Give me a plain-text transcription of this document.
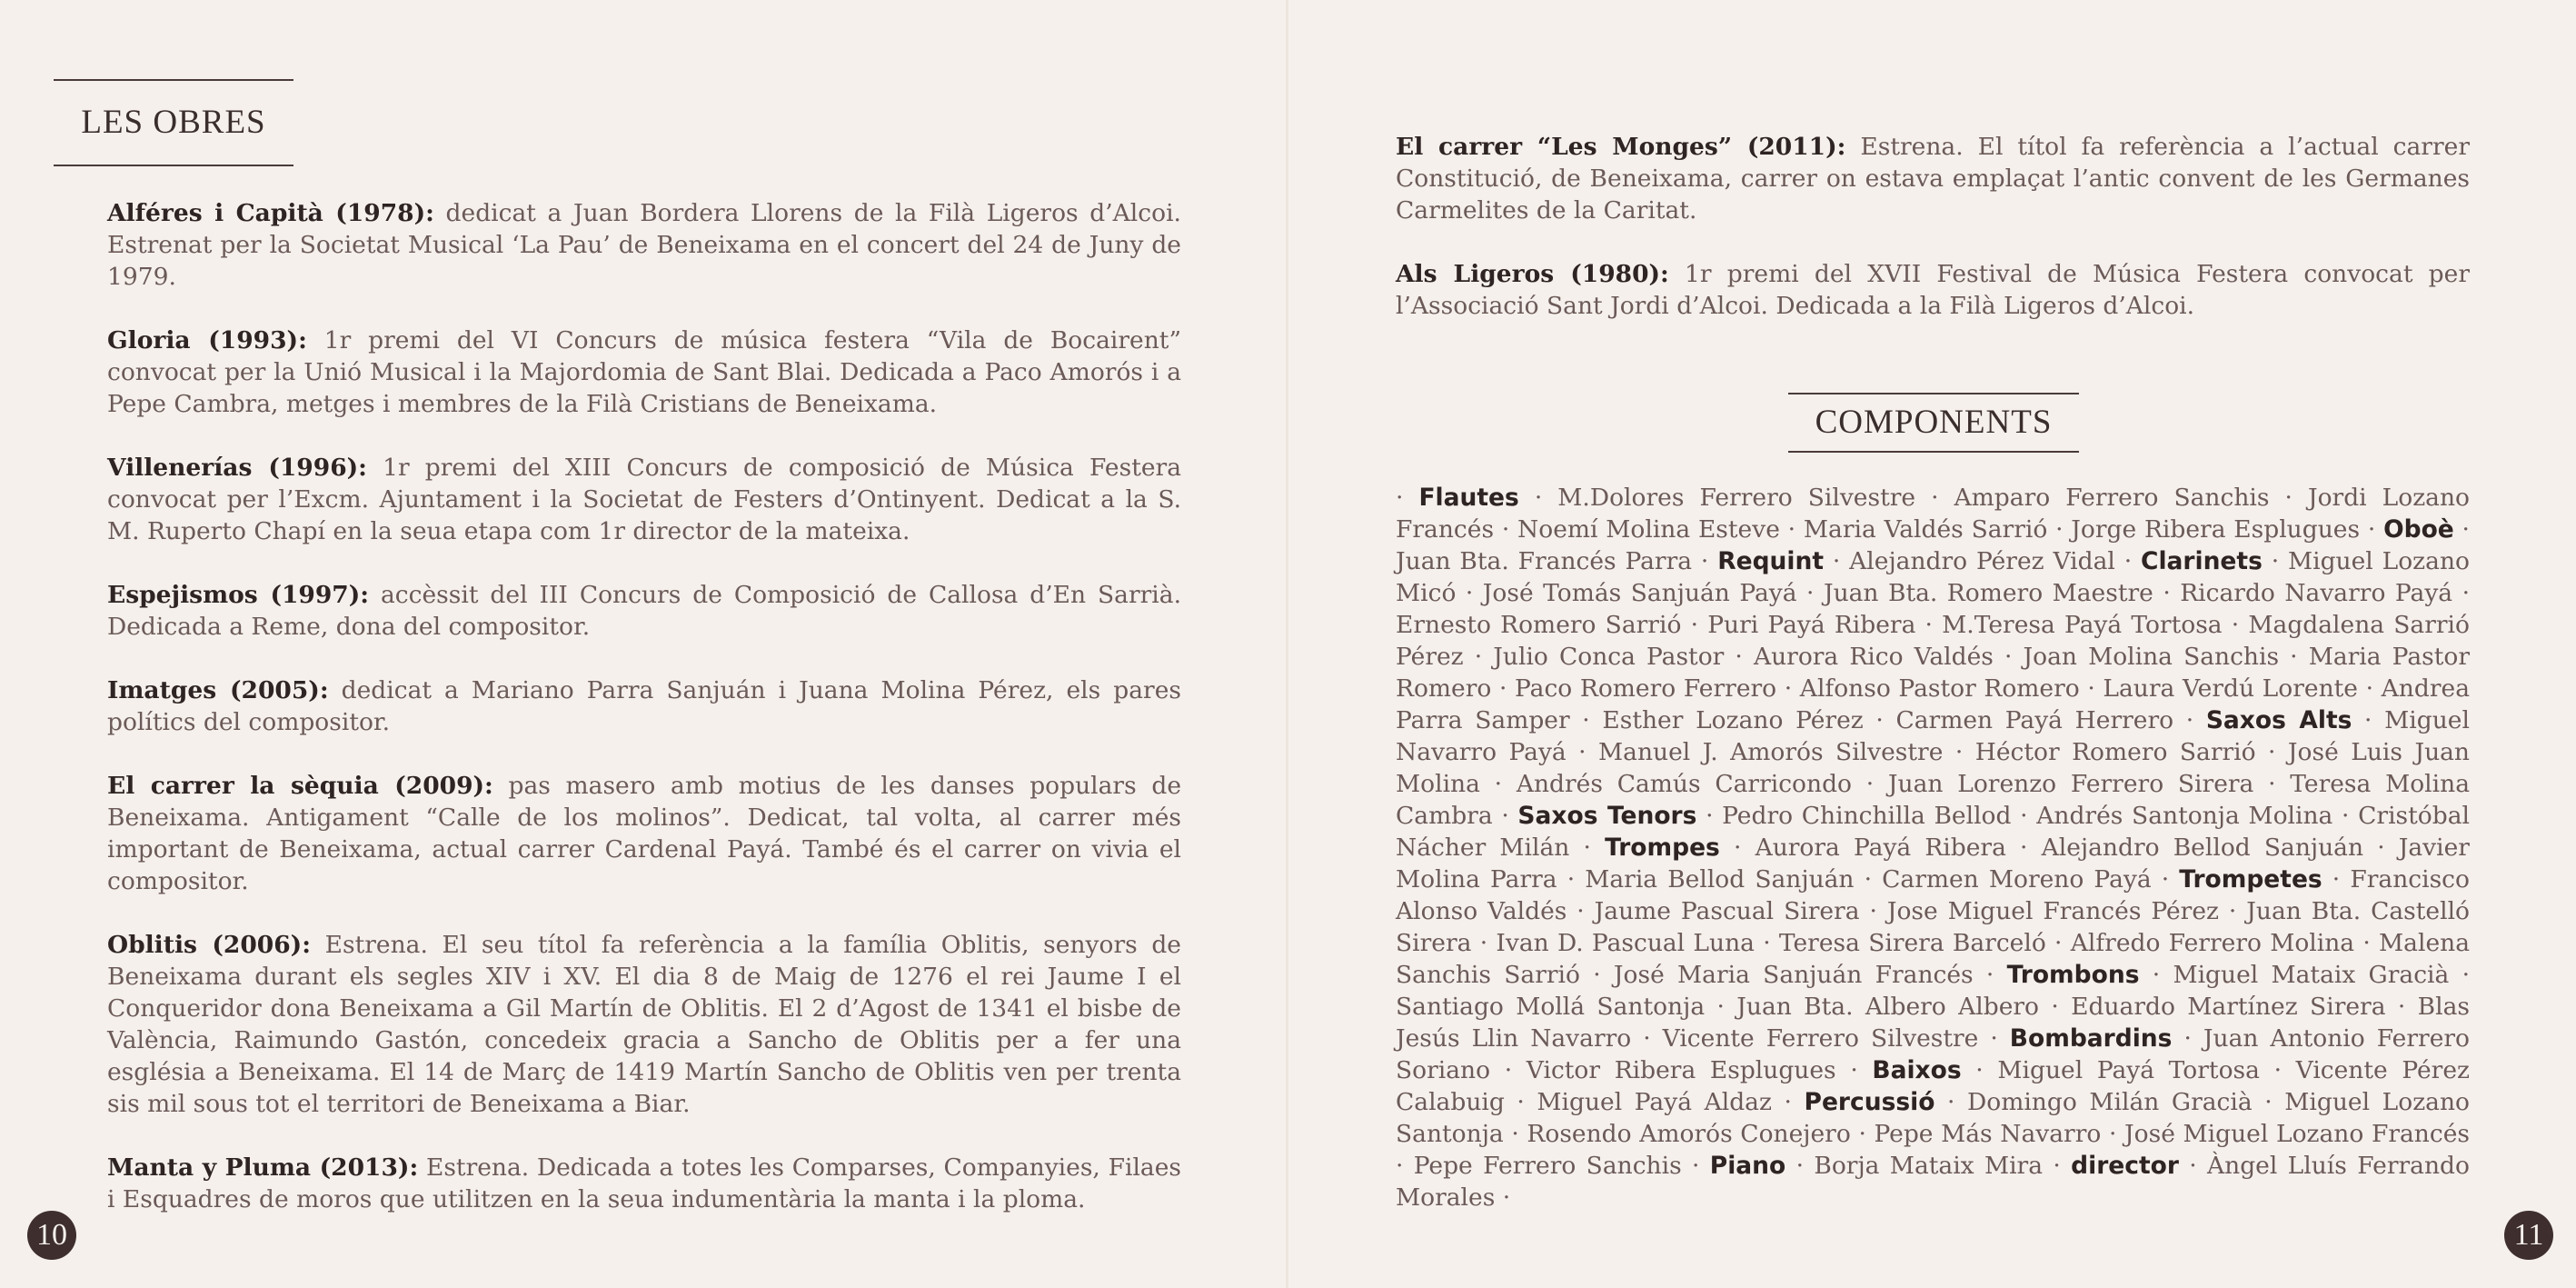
LES OBRES

Alféres i Capità (1978): dedicat a Juan Bordera Llorens de la Filà Ligeros d’Alcoi. Estrenat per la Societat Musical ‘La Pau’ de Beneixama en el concert del 24 de Juny de 1979.

Gloria (1993): 1r premi del VI Concurs de música festera “Vila de Bocairent” convocat per la Unió Musical i la Majordomia de Sant Blai. Dedicada a Paco Amorós i a Pepe Cambra, metges i membres de la Filà Cristians de Beneixama.

Villenerías (1996): 1r premi del XIII Concurs de composició de Música Festera convocat per l’Excm. Ajuntament i la Societat de Festers d’Ontinyent. Dedicat a la S. M. Ruperto Chapí en la seua etapa com 1r director de la mateixa.

Espejismos (1997): accèssit del III Concurs de Composició de Callosa d’En Sarrià. Dedicada a Reme, dona del compositor.

Imatges (2005): dedicat a Mariano Parra Sanjuán i Juana Molina Pérez, els pares polítics del compositor.

El carrer la sèquia (2009): pas masero amb motius de les danses populars de Beneixama. Antigament “Calle de los molinos”. Dedicat, tal volta, al carrer més important de Beneixama, actual carrer Cardenal Payá. També és el carrer on vivia el compositor.

Oblitis (2006): Estrena. El seu títol fa referència a la família Oblitis, senyors de Beneixama durant els segles XIV i XV. El dia 8 de Maig de 1276 el rei Jaume I el Conqueridor dona Beneixama a Gil Martín de Oblitis. El 2 d’Agost de 1341 el bisbe de València, Raimundo Gastón, concedeix gracia a Sancho de Oblitis per a fer una església a Beneixama. El 14 de Març de 1419 Martín Sancho de Oblitis ven per trenta sis mil sous tot el territori de Beneixama a Biar.

Manta y Pluma (2013): Estrena. Dedicada a totes les Comparses, Companyies, Filaes i Esquadres de moros que utilitzen en la seua indumentària la manta i la ploma.

10

El carrer “Les Monges” (2011): Estrena. El títol fa referència a l’actual carrer Constitució, de Beneixama, carrer on estava emplaçat l’antic convent de les Germanes Carmelites de la Caritat.

Als Ligeros (1980): 1r premi del XVII Festival de Música Festera convocat per l’Associació Sant Jordi d’Alcoi. Dedicada a la Filà Ligeros d’Alcoi.

COMPONENTS
· Flautes · M.Dolores Ferrero Silvestre · Amparo Ferrero Sanchis · Jordi Lozano Francés · Noemí Molina Esteve · Maria Valdés Sarrió · Jorge Ribera Esplugues · Oboè · Juan Bta. Francés Parra · Requint · Alejandro Pérez Vidal · Clarinets · Miguel Lozano Micó · José Tomás Sanjuán Payá · Juan Bta. Romero Maestre · Ricardo Navarro Payá · Ernesto Romero Sarrió · Puri Payá Ribera · M.Teresa Payá Tortosa · Magdalena Sarrió Pérez · Julio Conca Pastor · Aurora Rico Valdés · Joan Molina Sanchis · Maria Pastor Romero · Paco Romero Ferrero · Alfonso Pastor Romero · Laura Verdú Lorente · Andrea Parra Samper · Esther Lozano Pérez · Carmen Payá Herrero · Saxos Alts · Miguel Navarro Payá · Manuel J. Amorós Silvestre · Héctor Romero Sarrió · José Luis Juan Molina · Andrés Camús Carricondo · Juan Lorenzo Ferrero Sirera · Teresa Molina Cambra · Saxos Tenors · Pedro Chinchilla Bellod · Andrés Santonja Molina · Cristóbal Nácher Milán · Trompes · Aurora Payá Ribera · Alejandro Bellod Sanjuán · Javier Molina Parra · Maria Bellod Sanjuán · Carmen Moreno Payá · Trompetes · Francisco Alonso Valdés · Jaume Pascual Sirera · Jose Miguel Francés Pérez · Juan Bta. Castelló Sirera · Ivan D. Pascual Luna · Teresa Sirera Barceló · Alfredo Ferrero Molina · Malena Sanchis Sarrió · José Maria Sanjuán Francés · Trombons · Miguel Mataix Gracià · Santiago Mollá Santonja · Juan Bta. Albero Albero · Eduardo Martínez Sirera · Blas Jesús Llin Navarro · Vicente Ferrero Silvestre · Bombardins · Juan Antonio Ferrero Soriano · Victor Ribera Esplugues · Baixos · Miguel Payá Tortosa · Vicente Pérez Calabuig · Miguel Payá Aldaz · Percussió · Domingo Milán Gracià · Miguel Lozano Santonja · Rosendo Amorós Conejero · Pepe Más Navarro · José Miguel Lozano Francés · Pepe Ferrero Sanchis · Piano · Borja Mataix Mira · director · Àngel Lluís Ferrando Morales ·
11
